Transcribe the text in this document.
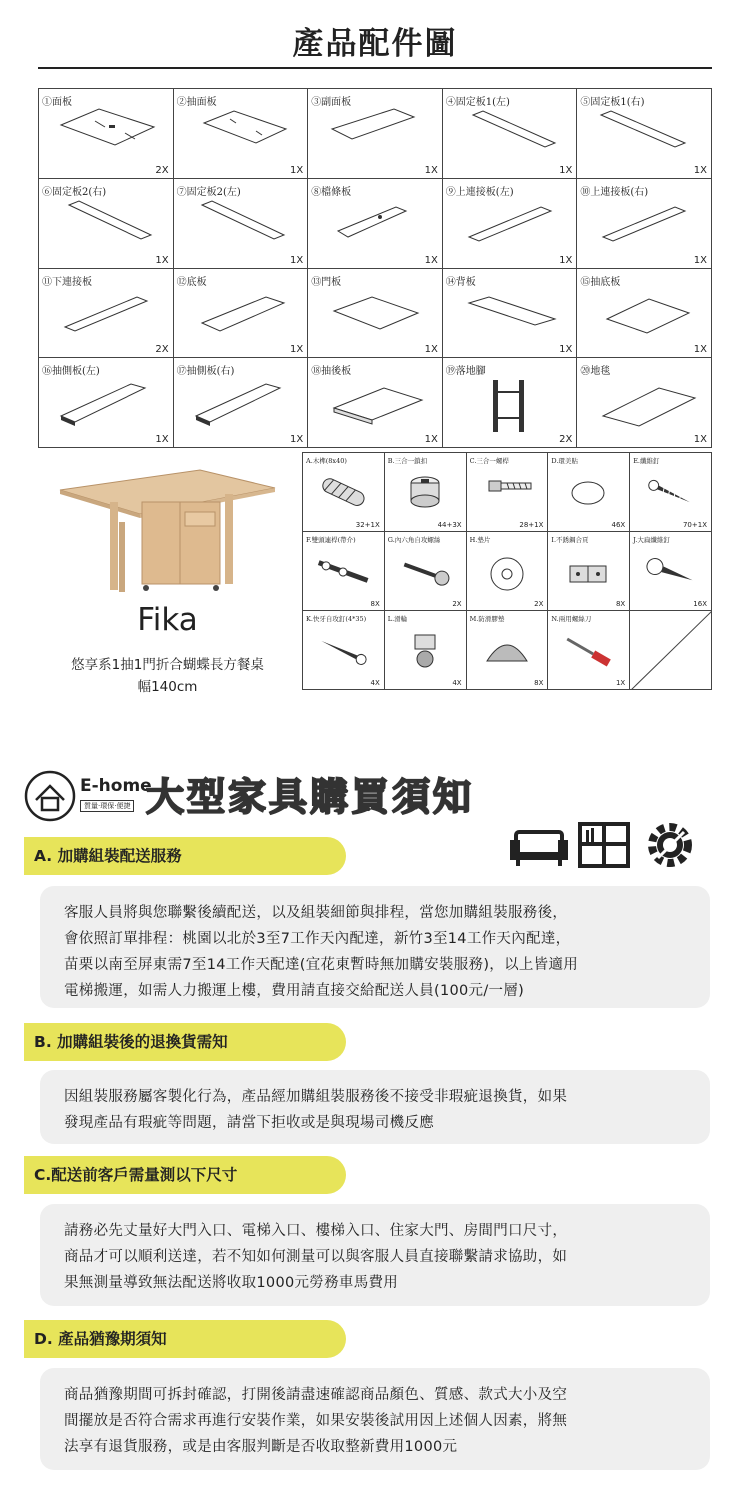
產品配件圖
①面板
2X
②抽面板
1X
③副面板
1X
④固定板1(左)
1X
⑤固定板1(右)
1X
⑥固定板2(右)
1X
⑦固定板2(左)
1X
⑧檔條板
1X
⑨上連接板(左)
1X
⑩上連接板(右)
1X
⑪下連接板
2X
⑫底板
1X
⑬門板
1X
⑭背板
1X
⑮抽底板
1X
⑯抽側板(左)
1X
⑰抽側板(右)
1X
⑱抽後板
1X
⑲落地腳
2X
⑳地毯
1X
Fika
悠享系1抽1門折合蝴蝶長方餐桌
幅140cm
A.木榫(8x40)
32+1X
B.三合一鎖扣
44+3X
C.三合一螺桿
28+1X
D.環美貼
46X
E.纖維釘
70+1X
F.雙頭連桿(帶介)
8X
G.內六角自攻螺絲
2X
H.墊片
2X
I.不銹鋼合頁
8X
J.大扁纖維釘
16X
K.快牙自攻釘(4*35)
4X
L.滑輪
4X
M.防滑膠墊
8X
N.兩用螺絲刀
1X
E-home
質量·環保·便捷 大型家具購買須知
A. 加購組裝配送服務
客服人員將與您聯繫後續配送，以及組裝細節與排程，當您加購組裝服務後，
會依照訂單排程：桃園以北於3至7工作天內配達，新竹3至14工作天內配達，
苗栗以南至屏東需7至14工作天配達(宜花東暫時無加購安裝服務)，以上皆適用
電梯搬運，如需人力搬運上樓，費用請直接交給配送人員(100元/一層)
B. 加購組裝後的退換貨需知
因組裝服務屬客製化行為，產品經加購組裝服務後不接受非瑕疵退換貨，如果
發現產品有瑕疵等問題，請當下拒收或是與現場司機反應
C.配送前客戶需量測以下尺寸
請務必先丈量好大門入口、電梯入口、樓梯入口、住家大門、房間門口尺寸，
商品才可以順利送達，若不知如何測量可以與客服人員直接聯繫請求協助，如
果無測量導致無法配送將收取1000元勞務車馬費用
D. 產品猶豫期須知
商品猶豫期間可拆封確認，打開後請盡速確認商品顏色、質感、款式大小及空
間擺放是否符合需求再進行安裝作業，如果安裝後試用因上述個人因素，將無
法享有退貨服務，或是由客服判斷是否收取整新費用1000元
